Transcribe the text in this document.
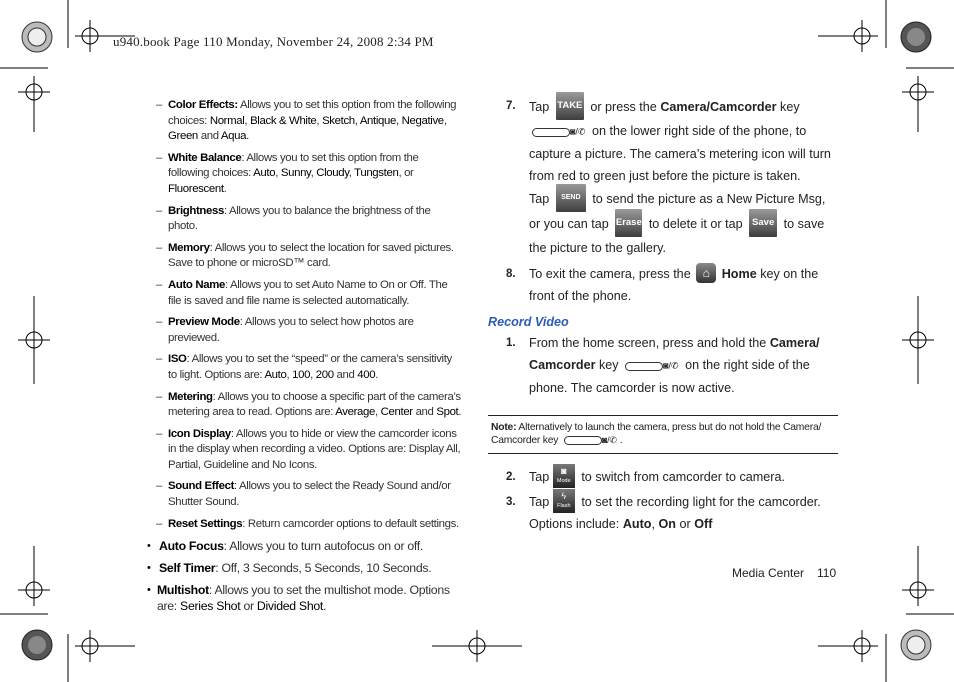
u940.book Page 110 Monday, November 24, 2008 2:34 PM
– Color Effects: Allows you to set this option from the following choices: Normal, Black & White, Sketch, Antique, Negative, Green and Aqua.
– White Balance: Allows you to set this option from the following choices: Auto, Sunny, Cloudy, Tungsten, or Fluorescent.
– Brightness: Allows you to balance the brightness of the photo.
– Memory: Allows you to select the location for saved pictures. Save to phone or microSD™ card.
– Auto Name: Allows you to set Auto Name to On or Off. The file is saved and file name is selected automatically.
– Preview Mode: Allows you to select how photos are previewed.
– ISO: Allows you to set the “speed” or the camera’s sensitivity to light. Options are: Auto, 100, 200 and 400.
– Metering: Allows you to choose a specific part of the camera’s metering area to read. Options are: Average, Center and Spot.
– Icon Display: Allows you to hide or view the camcorder icons in the display when recording a video. Options are: Display All, Partial, Guideline and No Icons.
– Sound Effect: Allows you to select the Ready Sound and/or Shutter Sound.
– Reset Settings: Return camcorder options to default settings.
• Auto Focus: Allows you to turn autofocus on or off.
• Self Timer: Off, 3 Seconds, 5 Seconds, 10 Seconds.
• Multishot: Allows you to set the multishot mode. Options are: Series Shot or Divided Shot.
7. Tap TAKE or press the Camera/Camcorder key
◙/✆ on the lower right side of the phone, to capture a picture. The camera’s metering icon will turn from red to green just before the picture is taken.
Tap SEND to send the picture as a New Picture Msg, or you can tap Erase to delete it or tap Save to save the picture to the gallery.
8. To exit the camera, press the ⌂ Home key on the front of the phone.
Record Video
1. From the home screen, press and hold the Camera/ Camcorder key	◙/✆ on the right side of the phone. The camcorder is now active.
Note: Alternatively to launch the camera, press but do not hold the Camera/ Camcorder key	◙/✆ .
2. Tap	◙
Mode to switch from camcorder to camera.
3. Tap	ϟ
Flash to set the recording light for the camcorder.
Options include: Auto, On or Off
Media Center 110
